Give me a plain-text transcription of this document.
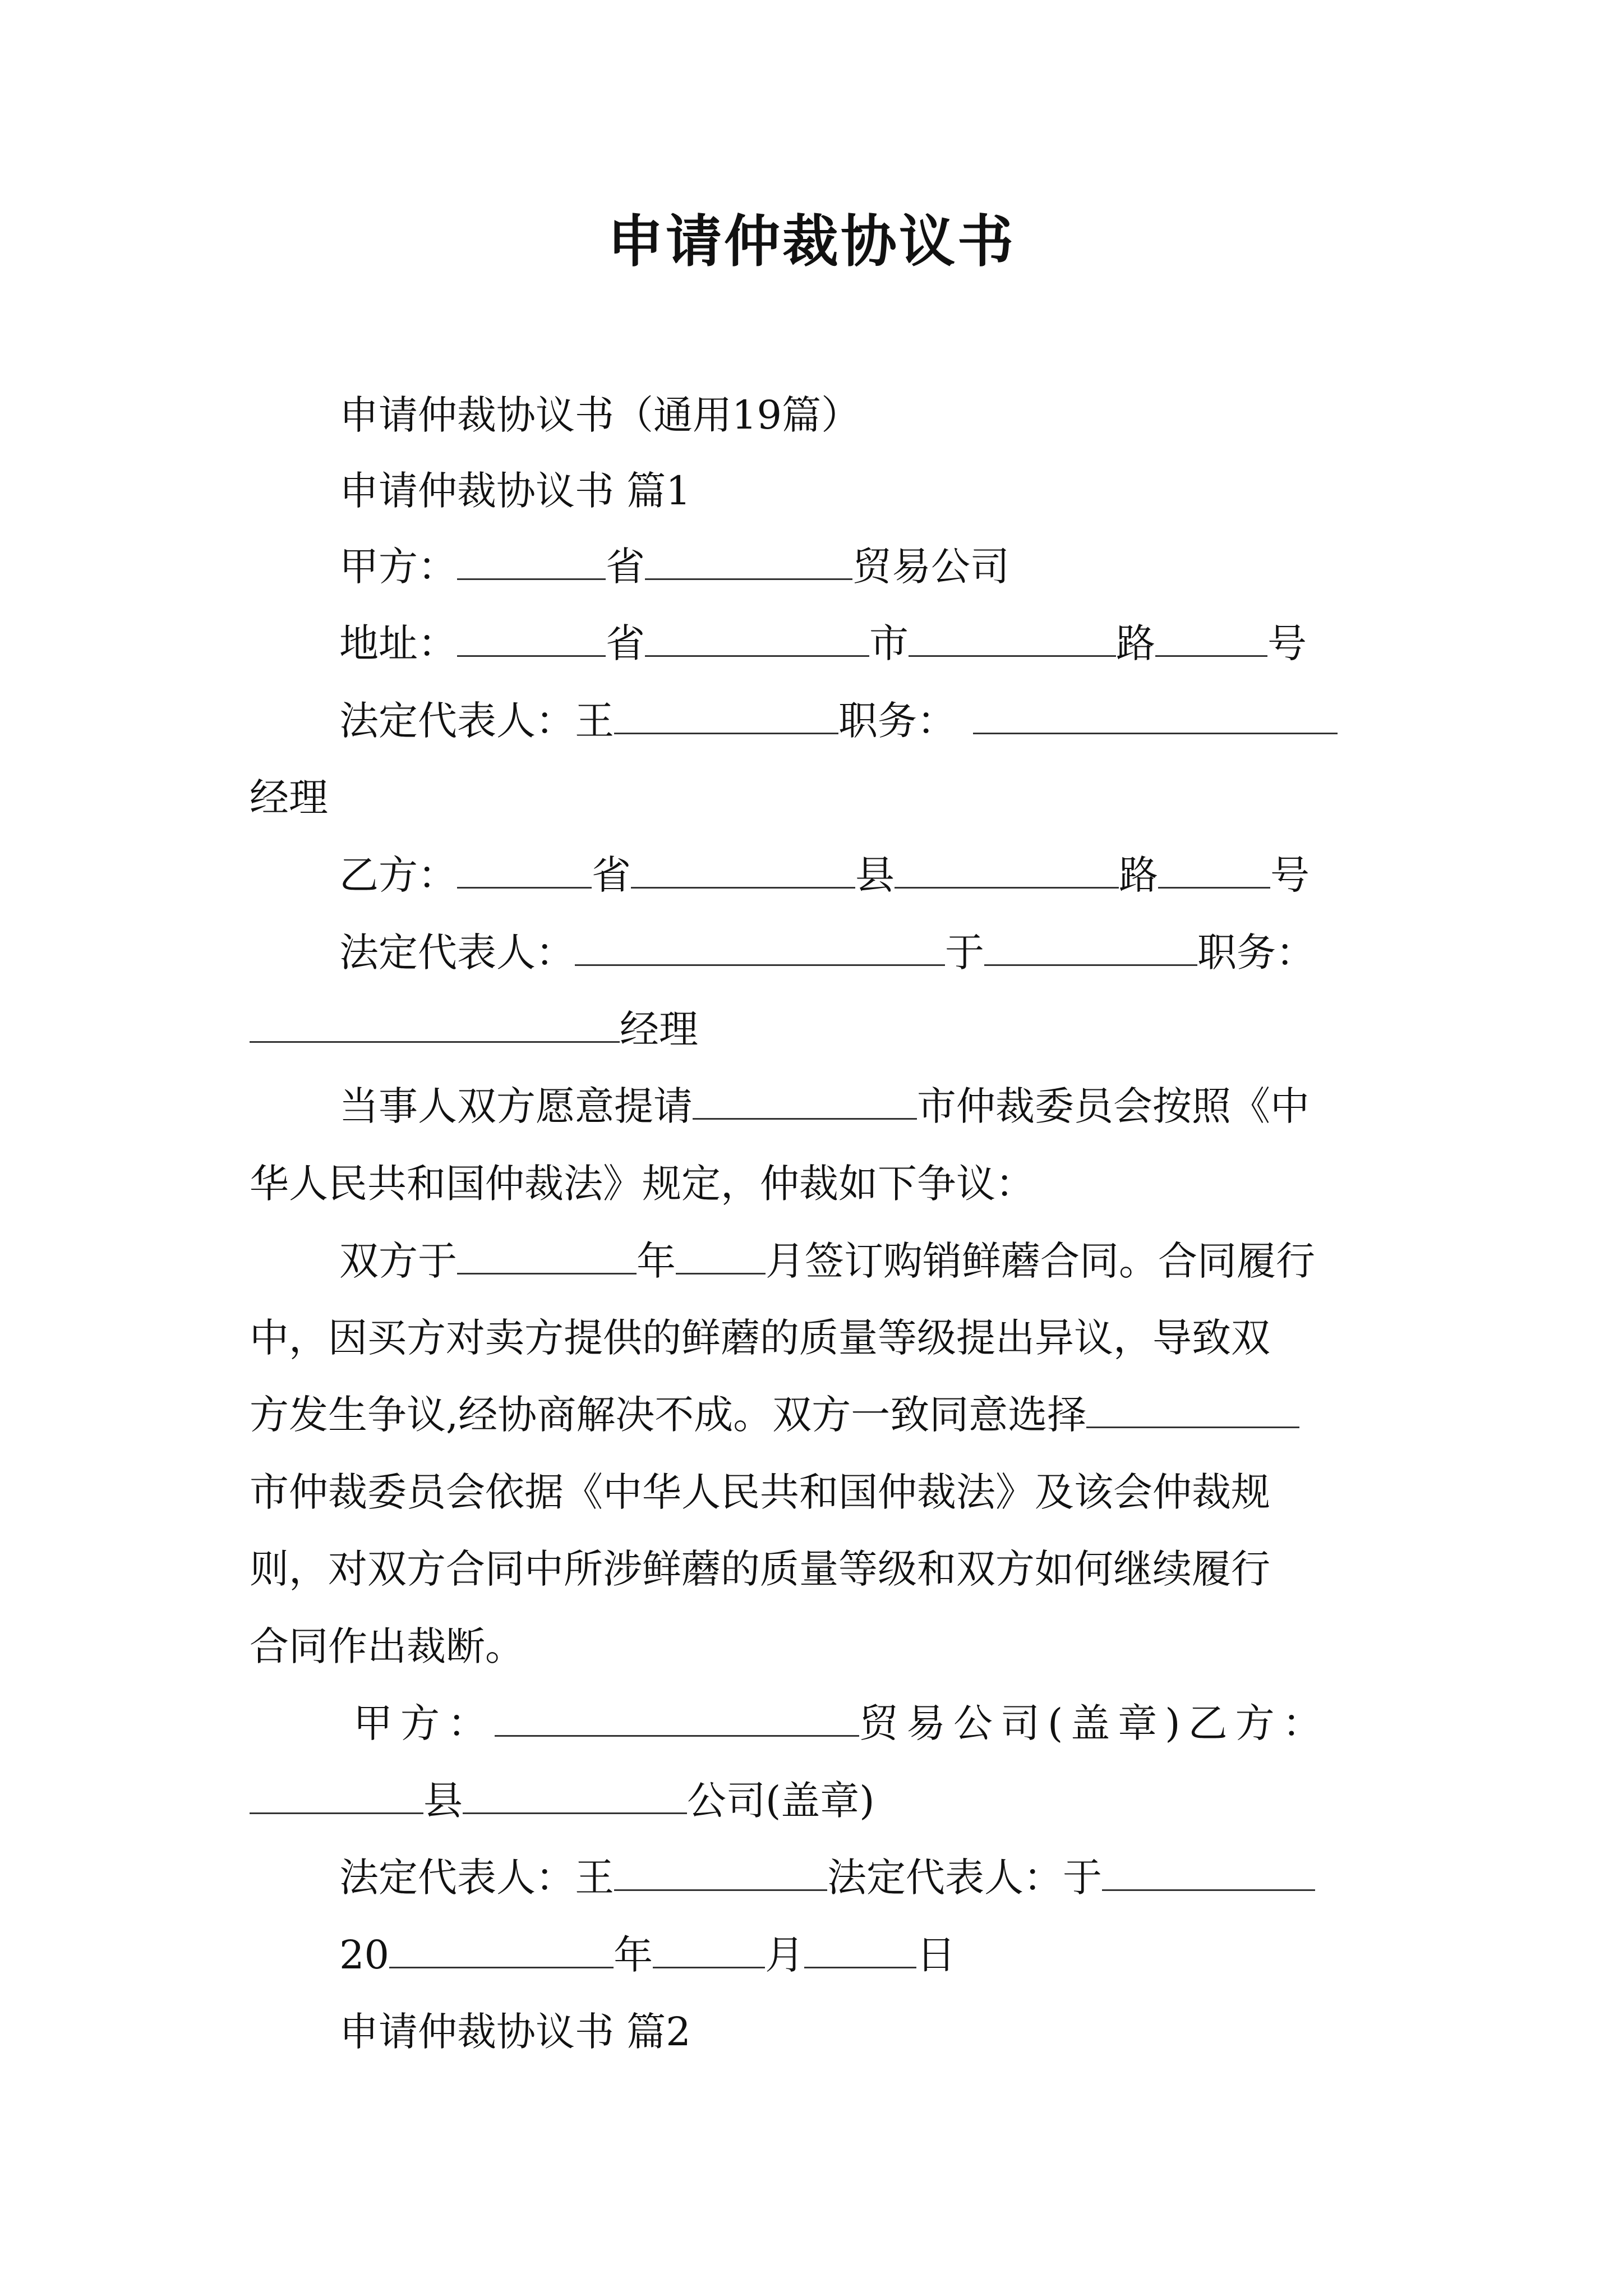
申请仲裁协议书
申请仲裁协议书（通用19篇）
申请仲裁协议书 篇1
甲方：	省	贸易公司
地址：	省	市	路	号
法定代表人：王	职务：
经理
乙方：	省	县	路	号
法定代表人：	于	职务：
经理
当事人双方愿意提请	市仲裁委员会按照《中
华人民共和国仲裁法》规定，仲裁如下争议：
双方于	年 月签订购销鲜蘑合同。合同履行
中，因买方对卖方提供的鲜蘑的质量等级提出异议，导致双
方发生争议,经协商解决不成。双方一致同意选择
市仲裁委员会依据《中华人民共和国仲裁法》及该会仲裁规
则，对双方合同中所涉鲜蘑的质量等级和双方如何继续履行
合同作出裁断。
甲方：	贸易公司(盖章)乙方：
县	公司(盖章)
法定代表人：王	法定代表人：于
20	年	月	日
申请仲裁协议书 篇2
